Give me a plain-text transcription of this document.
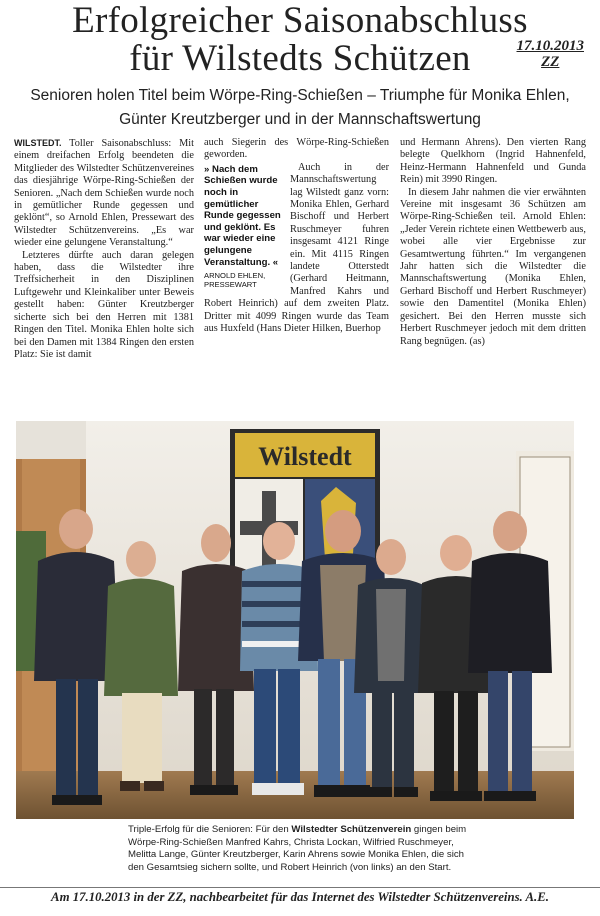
Erfolgreicher Saisonabschluss
für Wilstedts Schützen	17.10.2013
ZZ
Senioren holen Titel beim Wörpe-Ring-Schießen – Triumphe für Monika Ehlen,
Günter Kreutzberger und in der Mannschaftswertung

WILSTEDT. Toller Saisonabschluss: Mit einem dreifachen Erfolg beendeten die Mitglieder des Wilstedter Schützenvereines das diesjährige Wörpe-Ring-Schießen der Senioren. „Nach dem Schießen wurde noch in gemütlicher Runde gegessen und geklönt“, so Arnold Ehlen, Pressewart des Wilstedter Schützenvereins. „Es war wieder eine gelungene Veranstaltung.“

Letzteres dürfte auch daran gelegen haben, dass die Wilstedter ihre Treffsicherheit in den Disziplinen Luftgewehr und Kleinkaliber unter Beweis gestellt haben: Günter Kreutzberger sicherte sich bei den Herren mit 1381 Ringen den Titel. Monika Ehlen holte sich bei den Damen mit 1384 Ringen den ersten Platz: Sie ist damit

auch Siegerin des Wörpe-Ring-Schießen geworden.

» Nach dem Schießen wurde noch in gemütlicher Runde gegessen und geklönt. Es war wieder eine gelungene Veranstaltung. «
ARNOLD EHLEN, PRESSEWART

Auch in der Mannschaftswertung lag Wilstedt ganz vorn: Monika Ehlen, Gerhard Bischoff und Herbert Ruschmeyer fuhren insgesamt 4121 Ringe ein. Mit 4115 Ringen landete Otterstedt (Gerhard Heitmann, Manfred Kahrs und Robert Heinrich) auf dem zweiten Platz. Dritter mit 4099 Ringen wurde das Team aus Huxfeld (Hans Dieter Hilken, Buerhop

und Hermann Ahrens). Den vierten Rang belegte Quelkhorn (Ingrid Hahnenfeld, Heinz-Hermann Hahnenfeld und Gunda Rein) mit 3990 Ringen.

In diesem Jahr nahmen die vier erwähnten Vereine mit insgesamt 36 Schützen am Wörpe-Ring-Schießen teil. Arnold Ehlen: „Jeder Verein richtete einen Wettbewerb aus, wobei alle vier Ergebnisse zur Gesamtwertung führten.“ Im vergangenen Jahr hatten sich die Wilstedter die Mannschaftswertung (Monika Ehlen, Gerhard Bischoff und Herbert Ruschmeyer) sowie den Damentitel (Monika Ehlen) gesichert. Bei den Herren musste sich Herbert Ruschmeyer jedoch mit dem dritten Rang begnügen. (as)

Wilstedt
Triple-Erfolg für die Senioren: Für den Wilstedter Schützenverein gingen beim Wörpe-Ring-Schießen Manfred Kahrs, Christa Lockan, Wilfried Ruschmeyer, Melitta Lange, Günter Kreutzberger, Karin Ahrens sowie Monika Ehlen, die sich den Gesamtsieg sichern sollte, und Robert Heinrich (von links) an den Start.
Am 17.10.2013 in der ZZ, nachbearbeitet für das Internet des Wilstedter Schützenvereins. A.E.
